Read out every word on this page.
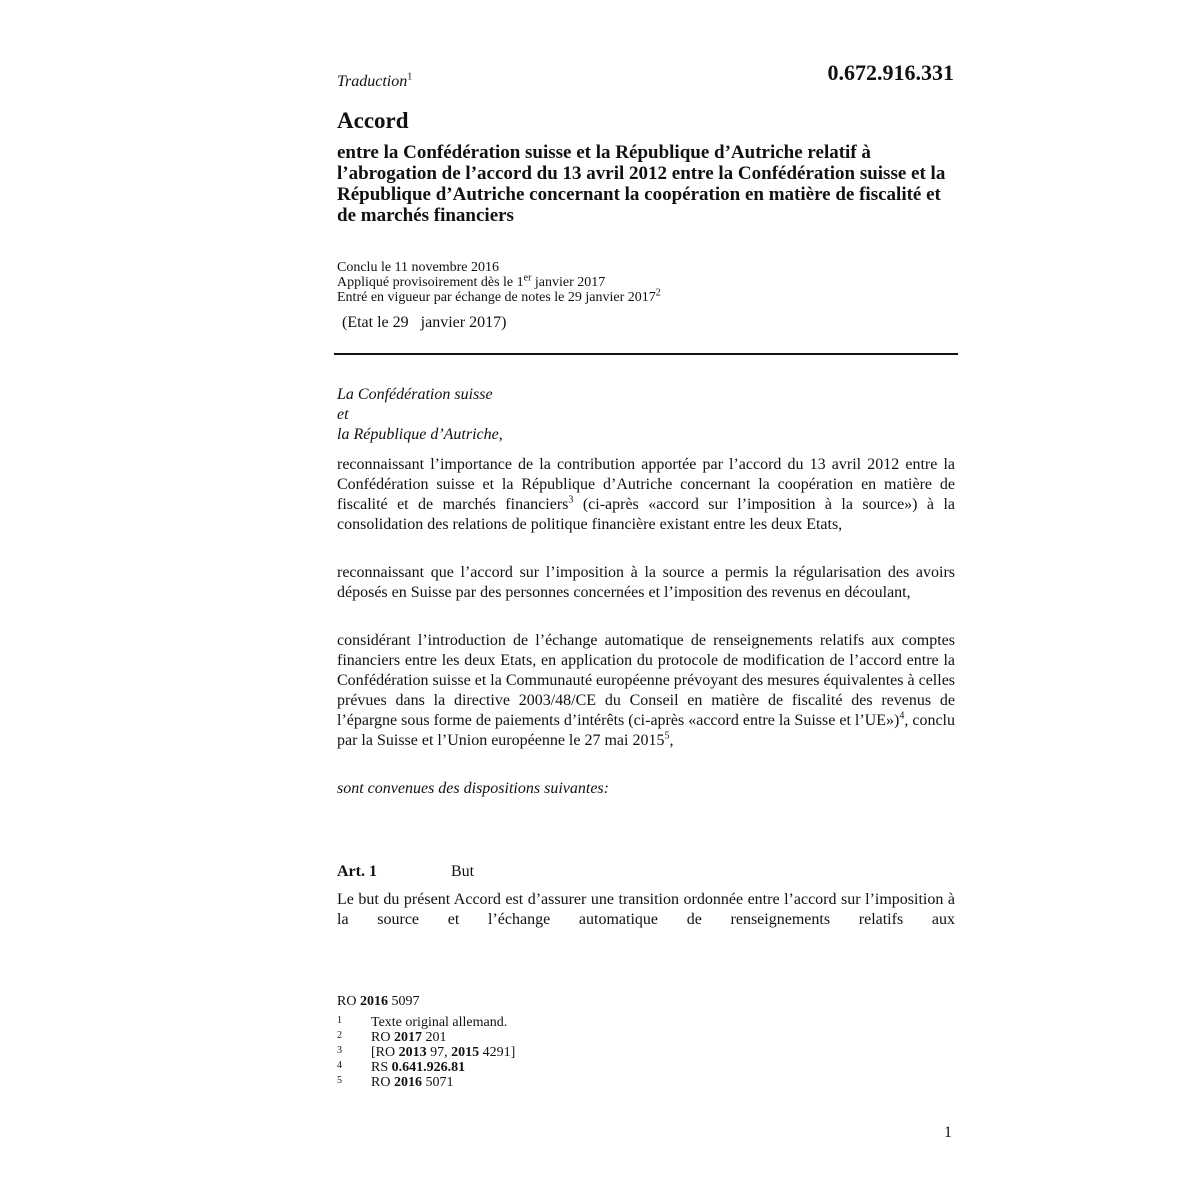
Traduction$^1$	0.672.916.331
Accord
entre la Confédération suisse et la République d’Autriche relatif à l’abrogation de l’accord du 13 avril 2012 entre la Confédération suisse et la République d’Autriche concernant la coopération en matière de fiscalité et de marchés financiers
Conclu le 11 novembre 2016
Appliqué provisoirement dès le 1er janvier 2017
Entré en vigueur par échange de notes le 29 janvier 2017$^2$
(Etat le 29   janvier 2017)
La Confédération suisse
et
la République d’Autriche,
reconnaissant l’importance de la contribution apportée par l’accord du 13 avril 2012 entre la Confédération suisse et la République d’Autriche concernant la coopération en matière de fiscalité et de marchés financiers$^3$ (ci-après «accord sur l’imposition à la source») à la consolidation des relations de politique financière existant entre les deux Etats,
reconnaissant que l’accord sur l’imposition à la source a permis la régularisation des avoirs déposés en Suisse par des personnes concernées et l’imposition des revenus en découlant,
considérant l’introduction de l’échange automatique de renseignements relatifs aux comptes financiers entre les deux Etats, en application du protocole de modification de l’accord entre la Confédération suisse et la Communauté européenne prévoyant des mesures équivalentes à celles prévues dans la directive 2003/48/CE du Conseil en matière de fiscalité des revenus de l’épargne sous forme de paiements d’intérêts (ci-après «accord entre la Suisse et l’UE»)$^4$, conclu par la Suisse et l’Union européenne le 27 mai 2015$^5$,
sont convenues des dispositions suivantes:
Art. 1	But
Le but du présent Accord est d’assurer une transition ordonnée entre l’accord sur l’imposition à la source et l’échange automatique de renseignements relatifs aux
RO 2016 5097
1	Texte original allemand.
2	RO 2017 201
3	[RO 2013 97, 2015 4291]
4	RS 0.641.926.81
5	RO 2016 5071
1
